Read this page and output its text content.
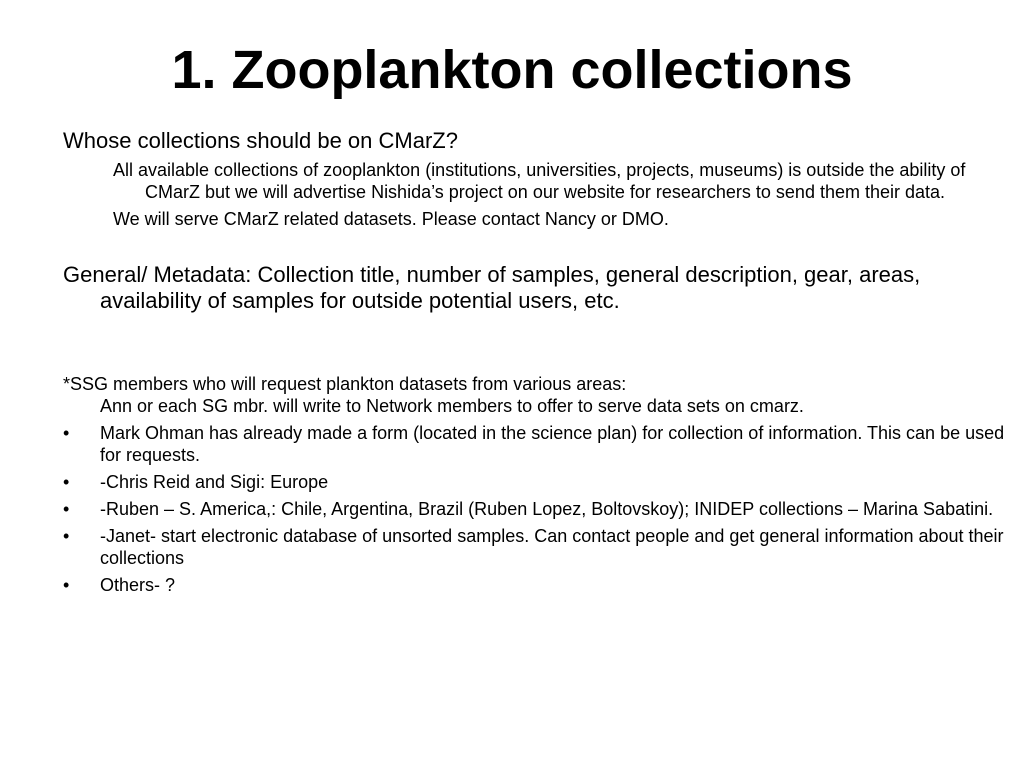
1. Zooplankton collections

Whose collections should be on CMarZ?

All available collections of zooplankton (institutions, universities, projects, museums) is outside the ability of CMarZ but we will advertise Nishida’s project on our website for researchers to send them their data.

We will serve CMarZ related datasets. Please contact Nancy or DMO.

General/ Metadata: Collection title, number of samples, general description, gear, areas, availability of samples for outside potential users, etc.

*SSG members who will request plankton datasets from various areas:

Ann or each SG mbr. will write to Network members to offer to serve data sets on cmarz.

• Mark Ohman has already made a form (located in the science plan) for collection of information. This can be used for requests.
• -Chris Reid and Sigi: Europe
• -Ruben – S. America,: Chile, Argentina, Brazil (Ruben Lopez, Boltovskoy); INIDEP collections – Marina Sabatini.
• -Janet- start electronic database of unsorted samples. Can contact people and get general information about their collections
• Others- ?
